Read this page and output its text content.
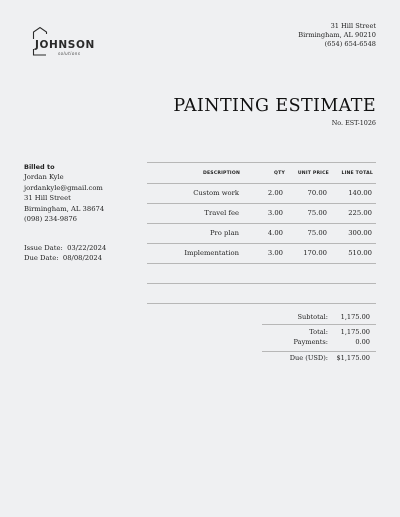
JOHNSON
solutions
31 Hill Street
Birmingham, AL 90210
(654) 654-6548
PAINTING ESTIMATE
No. EST-1026
Billed to
Jordan Kyle
jordankyle@gmail.com
31 Hill Street
Birmingham, AL 38674
(098) 234-9876
Issue Date: 03/22/2024
Due Date: 08/08/2024
DESCRIPTION	QTY	UNIT PRICE	LINE TOTAL
Custom work	2.00	70.00	140.00
Travel fee	3.00	75.00	225.00
Pro plan	4.00	75.00	300.00
Implementation	3.00	170.00	510.00
Subtotal: 1,175.00
Total: 1,175.00
Payments:	0.00
Due (USD): $1,175.00
